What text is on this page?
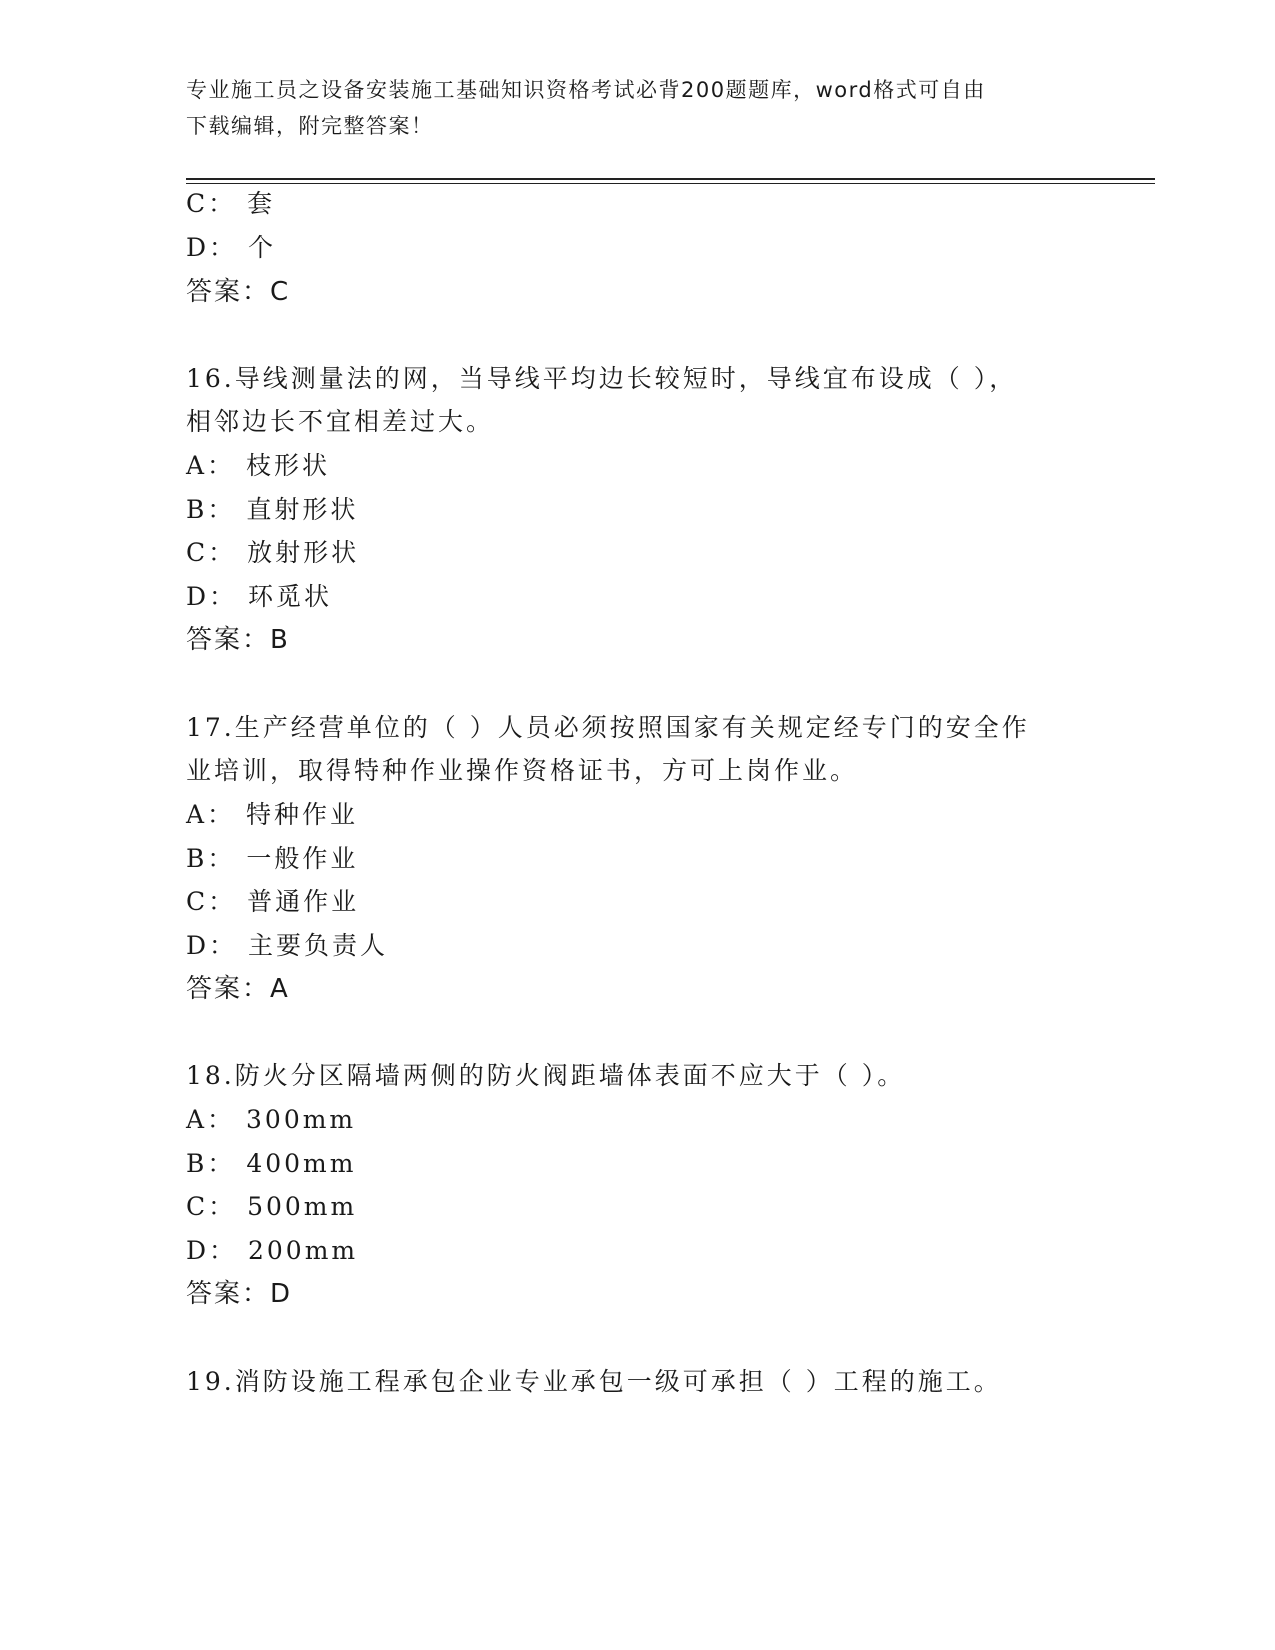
专业施工员之设备安装施工基础知识资格考试必背200题题库，word格式可自由
下载编辑，附完整答案！
C： 套
D： 个
答案：C
16.导线测量法的网，当导线平均边长较短时，导线宜布设成（ ），
相邻边长不宜相差过大。
A： 枝形状
B： 直射形状
C： 放射形状
D： 环觅状
答案：B
17.生产经营单位的（ ）人员必须按照国家有关规定经专门的安全作
业培训，取得特种作业操作资格证书，方可上岗作业。
A： 特种作业
B： 一般作业
C： 普通作业
D： 主要负责人
答案：A
18.防火分区隔墙两侧的防火阀距墙体表面不应大于（ ）。
A： 300mm
B： 400mm
C： 500mm
D： 200mm
答案：D
19.消防设施工程承包企业专业承包一级可承担（ ）工程的施工。
